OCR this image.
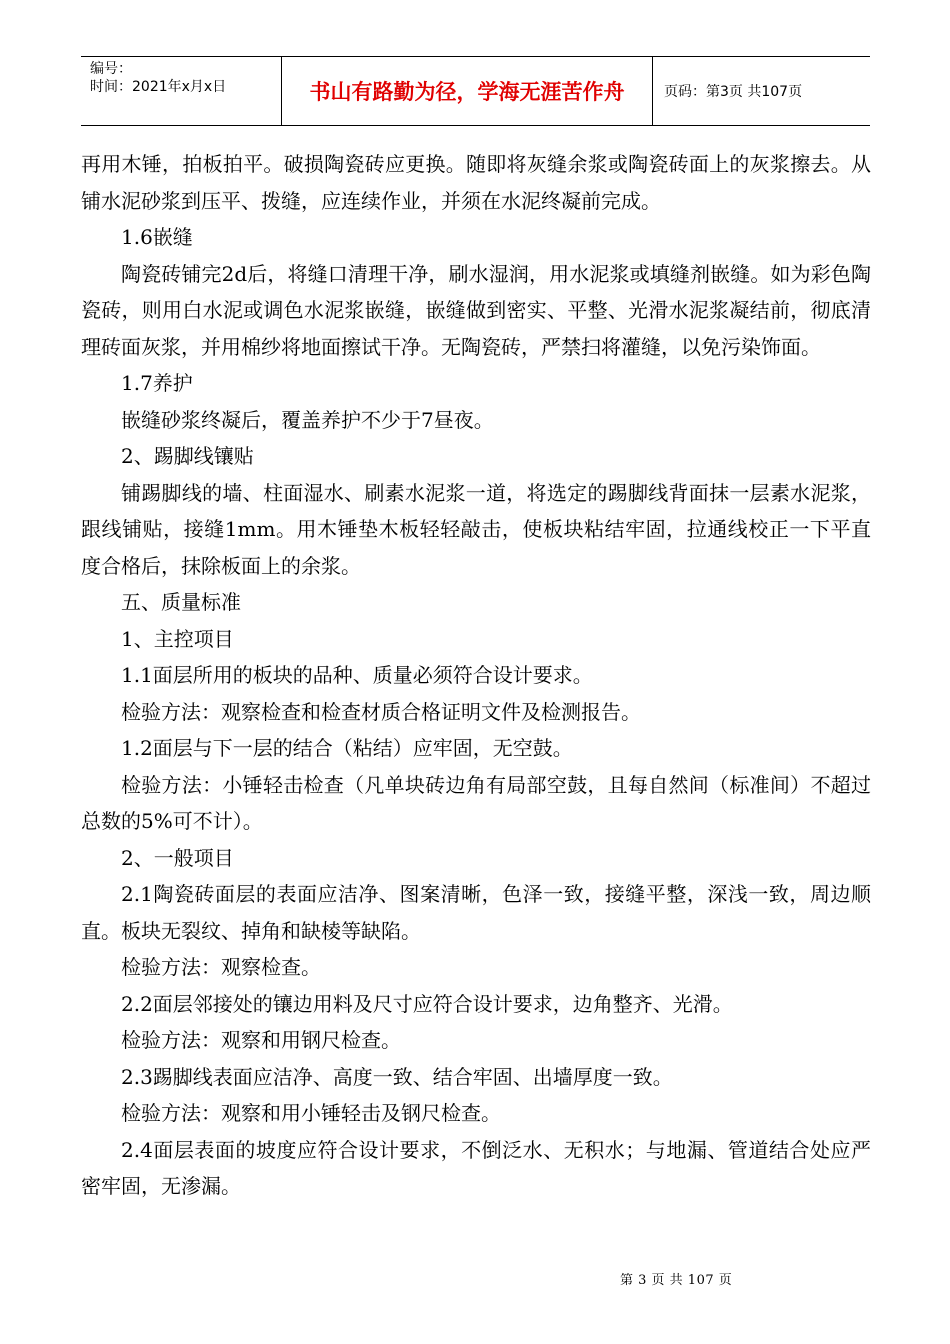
编号：
时间：2021年x月x日	书山有路勤为径，学海无涯苦作舟	页码：第3页 共107页

再用木锤，拍板拍平。破损陶瓷砖应更换。随即将灰缝余浆或陶瓷砖面上的灰浆擦去。从铺水泥砂浆到压平、拨缝，应连续作业，并须在水泥终凝前完成。

1.6嵌缝

陶瓷砖铺完2d后，将缝口清理干净，刷水湿润，用水泥浆或填缝剂嵌缝。如为彩色陶瓷砖，则用白水泥或调色水泥浆嵌缝，嵌缝做到密实、平整、光滑水泥浆凝结前，彻底清理砖面灰浆，并用棉纱将地面擦试干净。无陶瓷砖，严禁扫将灌缝，以免污染饰面。

1.7养护

嵌缝砂浆终凝后，覆盖养护不少于7昼夜。

2、踢脚线镶贴

铺踢脚线的墙、柱面湿水、刷素水泥浆一道，将选定的踢脚线背面抹一层素水泥浆，跟线铺贴，接缝1mm。用木锤垫木板轻轻敲击，使板块粘结牢固，拉通线校正一下平直度合格后，抹除板面上的余浆。

五、质量标准

1、主控项目

1.1面层所用的板块的品种、质量必须符合设计要求。

检验方法：观察检查和检查材质合格证明文件及检测报告。

1.2面层与下一层的结合（粘结）应牢固，无空鼓。

检验方法：小锤轻击检查（凡单块砖边角有局部空鼓，且每自然间（标准间）不超过总数的5%可不计）。

2、一般项目

2.1陶瓷砖面层的表面应洁净、图案清晰，色泽一致，接缝平整，深浅一致，周边顺直。板块无裂纹、掉角和缺棱等缺陷。

检验方法：观察检查。

2.2面层邻接处的镶边用料及尺寸应符合设计要求，边角整齐、光滑。

检验方法：观察和用钢尺检查。

2.3踢脚线表面应洁净、高度一致、结合牢固、出墙厚度一致。

检验方法：观察和用小锤轻击及钢尺检查。

2.4面层表面的坡度应符合设计要求，不倒泛水、无积水；与地漏、管道结合处应严密牢固，无渗漏。

第 3 页 共 107 页
